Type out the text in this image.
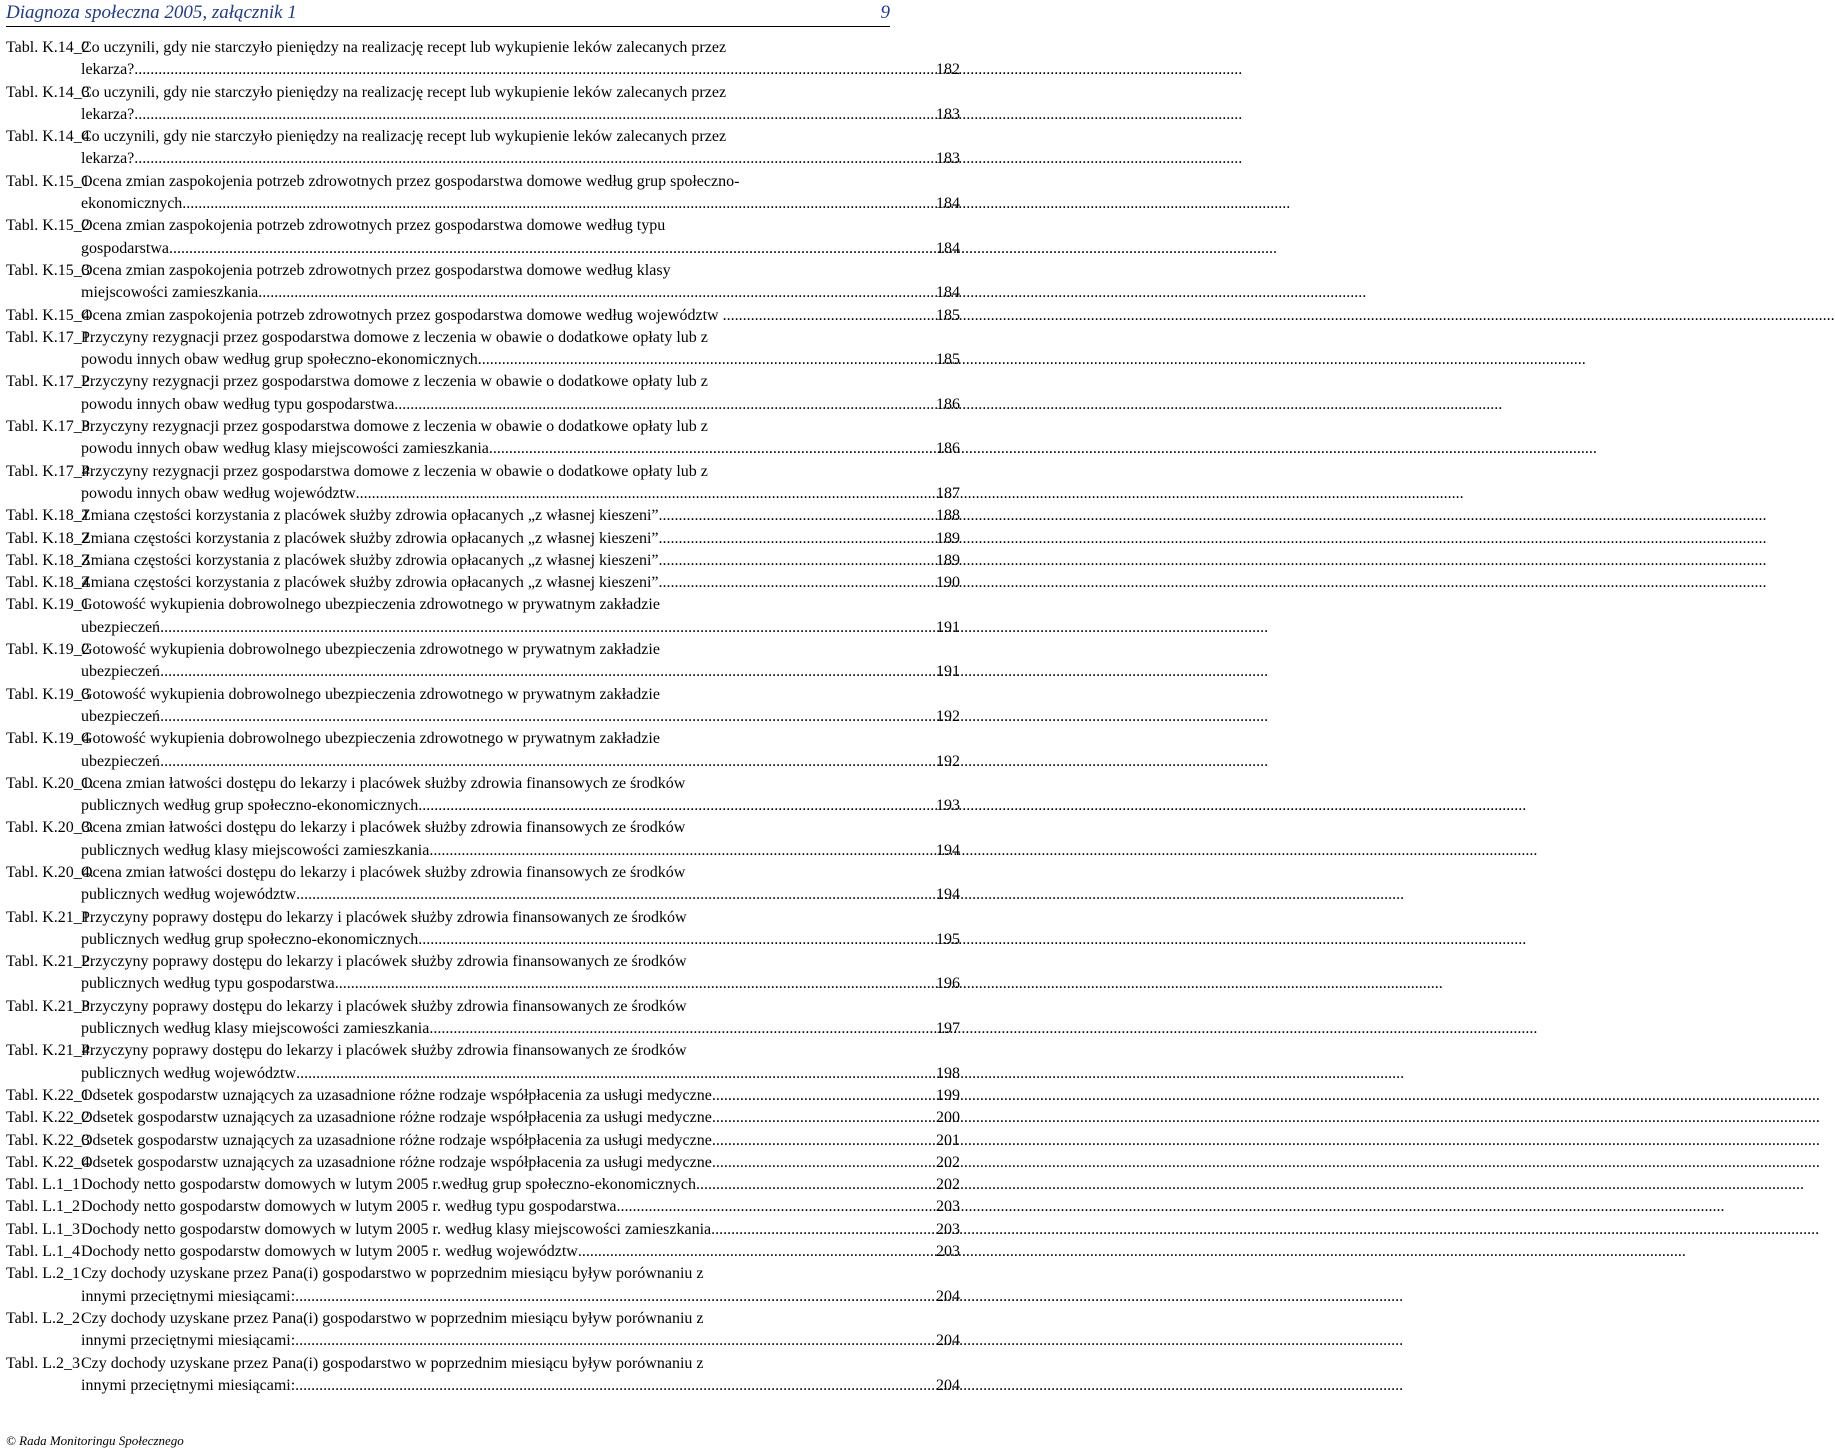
Diagnoza społeczna 2005, załącznik 1	9
Tabl. K.14_2
Co uczynili, gdy nie starczyło pieniędzy na realizację recept lub wykupienie leków zalecanych przez
lekarza? .....	182
Tabl. K.14_3
Co uczynili, gdy nie starczyło pieniędzy na realizację recept lub wykupienie leków zalecanych przez
lekarza? .....	183
Tabl. K.14_4
Co uczynili, gdy nie starczyło pieniędzy na realizację recept lub wykupienie leków zalecanych przez
lekarza? .....	183
Tabl. K.15_1
Ocena zmian zaspokojenia potrzeb zdrowotnych przez gospodarstwa domowe według grup społeczno-
ekonomicznych .....	184
Tabl. K.15_2
Ocena zmian zaspokojenia potrzeb zdrowotnych przez gospodarstwa domowe według typu
gospodarstwa .....	184
Tabl. K.15_3
Ocena zmian zaspokojenia potrzeb zdrowotnych przez gospodarstwa domowe według klasy
miejscowości zamieszkania .....	184
Tabl. K.15_4
Ocena zmian zaspokojenia potrzeb zdrowotnych przez gospodarstwa domowe według województw . .....	185
Tabl. K.17_1.
Przyczyny rezygnacji przez gospodarstwa domowe z leczenia w obawie o dodatkowe opłaty lub z
powodu innych obaw według grup społeczno-ekonomicznych .....	185
Tabl. K.17_2.
Przyczyny rezygnacji przez gospodarstwa domowe z leczenia w obawie o dodatkowe opłaty lub z
powodu innych obaw według typu gospodarstwa .....	186
Tabl. K.17_3.
Przyczyny rezygnacji przez gospodarstwa domowe z leczenia w obawie o dodatkowe opłaty lub z
powodu innych obaw według klasy miejscowości zamieszkania .....	186
Tabl. K.17_4.
Przyczyny rezygnacji przez gospodarstwa domowe z leczenia w obawie o dodatkowe opłaty lub z
powodu innych obaw według województw .....	187
Tabl. K.18_1
Zmiana częstości korzystania z placówek służby zdrowia opłacanych „z własnej kieszeni” .....	188
Tabl. K.18_2
Zmiana częstości korzystania z placówek służby zdrowia opłacanych „z własnej kieszeni” .....	189
Tabl. K.18_3
Zmiana częstości korzystania z placówek służby zdrowia opłacanych „z własnej kieszeni” .....	189
Tabl. K.18_4
Zmiana częstości korzystania z placówek służby zdrowia opłacanych „z własnej kieszeni” .....	190
Tabl. K.19_1
Gotowość wykupienia dobrowolnego ubezpieczenia zdrowotnego w prywatnym zakładzie
ubezpieczeń .....	191
Tabl. K.19_2
Gotowość wykupienia dobrowolnego ubezpieczenia zdrowotnego w prywatnym zakładzie
ubezpieczeń .....	191
Tabl. K.19_3
Gotowość wykupienia dobrowolnego ubezpieczenia zdrowotnego w prywatnym zakładzie
ubezpieczeń .....	192
Tabl. K.19_4
Gotowość wykupienia dobrowolnego ubezpieczenia zdrowotnego w prywatnym zakładzie
ubezpieczeń .....	192
Tabl. K.20_1.
Ocena zmian łatwości dostępu do lekarzy i placówek służby zdrowia finansowych ze środków
publicznych według grup społeczno-ekonomicznych .....	193
Tabl. K.20_3.
Ocena zmian łatwości dostępu do lekarzy i placówek służby zdrowia finansowych ze środków
publicznych według klasy miejscowości zamieszkania .....	194
Tabl. K.20_4.
Ocena zmian łatwości dostępu do lekarzy i placówek służby zdrowia finansowych ze środków
publicznych według województw .....	194
Tabl. K.21_1.
Przyczyny poprawy dostępu do lekarzy i placówek służby zdrowia finansowanych ze środków
publicznych według grup społeczno-ekonomicznych .....	195
Tabl. K.21_2.
Przyczyny poprawy dostępu do lekarzy i placówek służby zdrowia finansowanych ze środków
publicznych według typu gospodarstwa .....	196
Tabl. K.21_3.
Przyczyny poprawy dostępu do lekarzy i placówek służby zdrowia finansowanych ze środków
publicznych według klasy miejscowości zamieszkania .....	197
Tabl. K.21_4.
Przyczyny poprawy dostępu do lekarzy i placówek służby zdrowia finansowanych ze środków
publicznych według województw .....	198
Tabl. K.22_1
Odsetek gospodarstw uznających za uzasadnione różne rodzaje współpłacenia za usługi medyczne .....	199
Tabl. K.22_2
Odsetek gospodarstw uznających za uzasadnione różne rodzaje współpłacenia za usługi medyczne .....	200
Tabl. K.22_3
Odsetek gospodarstw uznających za uzasadnione różne rodzaje współpłacenia za usługi medyczne .....	201
Tabl. K.22_4
Odsetek gospodarstw uznających za uzasadnione różne rodzaje współpłacenia za usługi medyczne .....	202
Tabl. L.1_1 Dochody netto gospodarstw domowych w lutym 2005 r.według grup społeczno-ekonomicznych .....	202
Tabl. L.1_2 Dochody netto gospodarstw domowych w lutym 2005 r. według typu gospodarstwa .....	203
Tabl. L.1_3 Dochody netto gospodarstw domowych w lutym 2005 r. według klasy miejscowości zamieszkania .....	203
Tabl. L.1_4 Dochody netto gospodarstw domowych w lutym 2005 r. według województw .....	203
Tabl. L.2_1 Czy dochody uzyskane przez Pana(i) gospodarstwo w poprzednim miesiącu byływ porównaniu z
innymi przeciętnymi miesiącami: .....	204
Tabl. L.2_2 Czy dochody uzyskane przez Pana(i) gospodarstwo w poprzednim miesiącu byływ porównaniu z
innymi przeciętnymi miesiącami: .....	204
Tabl. L.2_3 Czy dochody uzyskane przez Pana(i) gospodarstwo w poprzednim miesiącu byływ porównaniu z
innymi przeciętnymi miesiącami: .....	204
© Rada Monitoringu Społecznego
